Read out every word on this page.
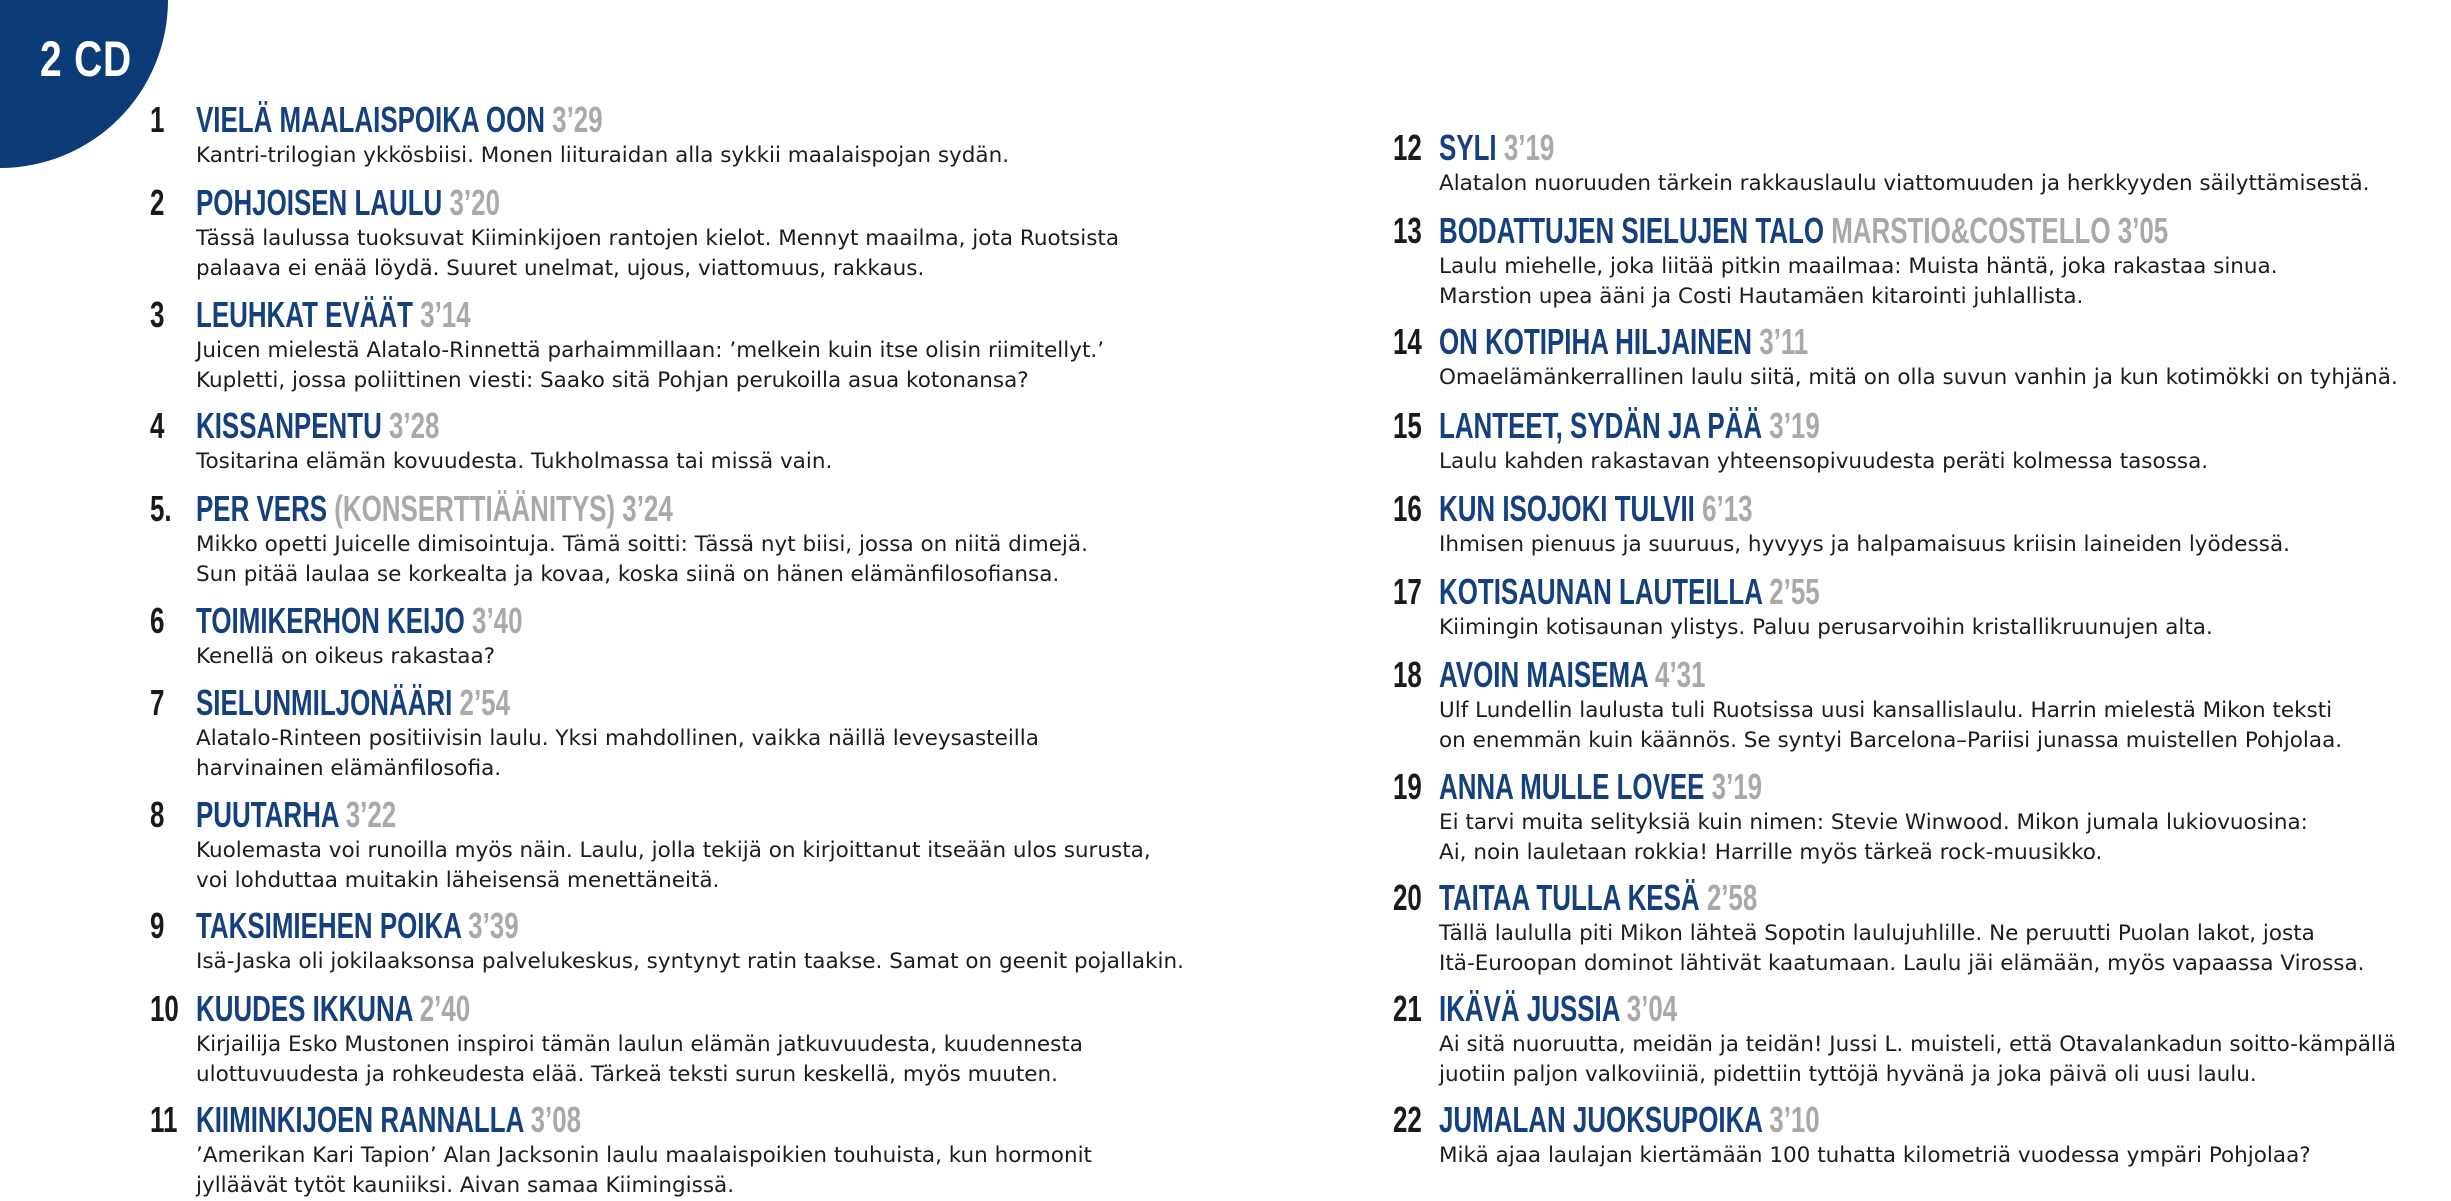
2 CD
1 VIELÄ MAALAISPOIKA OON 3’29
Kantri-trilogian ykkösbiisi. Monen liituraidan alla sykkii maalaispojan sydän.
2 POHJOISEN LAULU 3’20
Tässä laulussa tuoksuvat Kiiminkijoen rantojen kielot. Mennyt maailma, jota Ruotsista
palaava ei enää löydä. Suuret unelmat, ujous, viattomuus, rakkaus.
3 LEUHKAT EVÄÄT 3’14
Juicen mielestä Alatalo-Rinnettä parhaimmillaan: ’melkein kuin itse olisin riimitellyt.’
Kupletti, jossa poliittinen viesti: Saako sitä Pohjan perukoilla asua kotonansa?
4 KISSANPENTU 3’28
Tositarina elämän kovuudesta. Tukholmassa tai missä vain.
5. PER VERS (KONSERTTIÄÄNITYS) 3’24
Mikko opetti Juicelle dimisointuja. Tämä soitti: Tässä nyt biisi, jossa on niitä dimejä.
Sun pitää laulaa se korkealta ja kovaa, koska siinä on hänen elämänfilosofiansa.
6 TOIMIKERHON KEIJO 3’40
Kenellä on oikeus rakastaa?
7 SIELUNMILJONÄÄRI 2’54
Alatalo-Rinteen positiivisin laulu. Yksi mahdollinen, vaikka näillä leveysasteilla
harvinainen elämänfilosofia.
8 PUUTARHA 3’22
Kuolemasta voi runoilla myös näin. Laulu, jolla tekijä on kirjoittanut itseään ulos surusta,
voi lohduttaa muitakin läheisensä menettäneitä.
9 TAKSIMIEHEN POIKA 3’39
Isä-Jaska oli jokilaaksonsa palvelukeskus, syntynyt ratin taakse. Samat on geenit pojallakin.
10 KUUDES IKKUNA 2’40
Kirjailija Esko Mustonen inspiroi tämän laulun elämän jatkuvuudesta, kuudennesta
ulottuvuudesta ja rohkeudesta elää. Tärkeä teksti surun keskellä, myös muuten.
11 KIIMINKIJOEN RANNALLA 3’08
’Amerikan Kari Tapion’ Alan Jacksonin laulu maalaispoikien touhuista, kun hormonit
jylläävät tytöt kauniiksi. Aivan samaa Kiimingissä.
12 SYLI 3’19
Alatalon nuoruuden tärkein rakkauslaulu viattomuuden ja herkkyyden säilyttämisestä.
13 BODATTUJEN SIELUJEN TALO MARSTIO&COSTELLO 3’05
Laulu miehelle, joka liitää pitkin maailmaa: Muista häntä, joka rakastaa sinua.
Marstion upea ääni ja Costi Hautamäen kitarointi juhlallista.
14 ON KOTIPIHA HILJAINEN 3’11
Omaelämänkerrallinen laulu siitä, mitä on olla suvun vanhin ja kun kotimökki on tyhjänä.
15 LANTEET, SYDÄN JA PÄÄ 3’19
Laulu kahden rakastavan yhteensopivuudesta peräti kolmessa tasossa.
16 KUN ISOJOKI TULVII 6’13
Ihmisen pienuus ja suuruus, hyvyys ja halpamaisuus kriisin laineiden lyödessä.
17 KOTISAUNAN LAUTEILLA 2’55
Kiimingin kotisaunan ylistys. Paluu perusarvoihin kristallikruunujen alta.
18 AVOIN MAISEMA 4’31
Ulf Lundellin laulusta tuli Ruotsissa uusi kansallislaulu. Harrin mielestä Mikon teksti
on enemmän kuin käännös. Se syntyi Barcelona–Pariisi junassa muistellen Pohjolaa.
19 ANNA MULLE LOVEE 3’19
Ei tarvi muita selityksiä kuin nimen: Stevie Winwood. Mikon jumala lukiovuosina:
Ai, noin lauletaan rokkia! Harrille myös tärkeä rock-muusikko.
20 TAITAA TULLA KESÄ 2’58
Tällä laululla piti Mikon lähteä Sopotin laulujuhlille. Ne peruutti Puolan lakot, josta
Itä-Euroopan dominot lähtivät kaatumaan. Laulu jäi elämään, myös vapaassa Virossa.
21 IKÄVÄ JUSSIA 3’04
Ai sitä nuoruutta, meidän ja teidän! Jussi L. muisteli, että Otavalankadun soitto-kämpällä
juotiin paljon valkoviiniä, pidettiin tyttöjä hyvänä ja joka päivä oli uusi laulu.
22 JUMALAN JUOKSUPOIKA 3’10
Mikä ajaa laulajan kiertämään 100 tuhatta kilometriä vuodessa ympäri Pohjolaa?
